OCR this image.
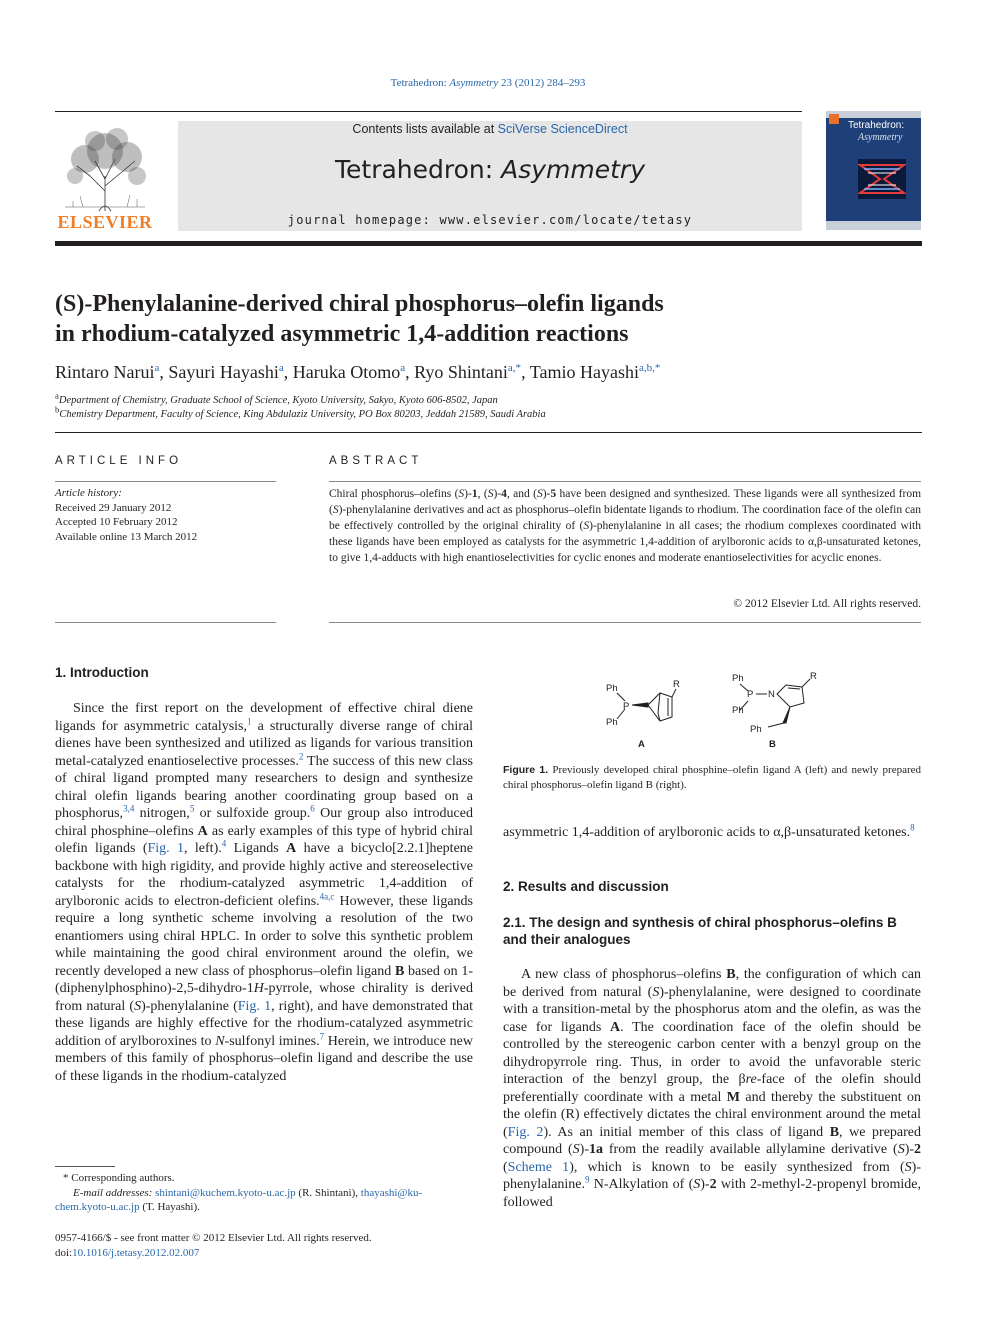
Tetrahedron: Asymmetry 23 (2012) 284–293
ELSEVIER
Contents lists available at SciVerse ScienceDirect
Tetrahedron: Asymmetry
journal homepage: www.elsevier.com/locate/tetasy
Tetrahedron:
Asymmetry
(S)-Phenylalanine-derived chiral phosphorus–olefin ligands
in rhodium-catalyzed asymmetric 1,4-addition reactions
Rintaro Narui$^a$, Sayuri Hayashi$^a$, Haruka Otomo$^a$, Ryo Shintani$^{a,*}$, Tamio Hayashi$^{a,b,*}$
$^a$Department of Chemistry, Graduate School of Science, Kyoto University, Sakyo, Kyoto 606-8502, Japan
$^b$Chemistry Department, Faculty of Science, King Abdulaziz University, PO Box 80203, Jeddah 21589, Saudi Arabia
ARTICLE INFO
Article history:
Received 29 January 2012
Accepted 10 February 2012
Available online 13 March 2012
ABSTRACT
Chiral phosphorus–olefins (S)-1, (S)-4, and (S)-5 have been designed and synthesized. These ligands were all synthesized from (S)-phenylalanine derivatives and act as phosphorus–olefin bidentate ligands to rhodium. The coordination face of the olefin can be effectively controlled by the original chirality of (S)-phenylalanine in all cases; the rhodium complexes coordinated with these ligands have been employed as catalysts for the asymmetric 1,4-addition of arylboronic acids to α,β-unsaturated ketones, to give 1,4-adducts with high enantioselectivities for cyclic enones and moderate enantioselectivities for acyclic enones.
© 2012 Elsevier Ltd. All rights reserved.
1. Introduction
Since the first report on the development of effective chiral diene ligands for asymmetric catalysis,$^1$ a structurally diverse range of chiral dienes have been synthesized and utilized as ligands for various transition metal-catalyzed enantioselective processes.$^2$ The success of this new class of chiral ligand prompted many researchers to design and synthesize chiral olefin ligands bearing another coordinating group based on a phosphorus,$^{3,4}$ nitrogen,$^5$ or sulfoxide group.$^6$ Our group also introduced chiral phosphine–olefins A as early examples of this type of hybrid chiral olefin ligands (Fig. 1, left).$^4$ Ligands A have a bicyclo[2.2.1]heptene backbone with high rigidity, and provide highly active and stereoselective catalysts for the rhodium-catalyzed asymmetric 1,4-addition of arylboronic acids to electron-deficient olefins.$^{4a,c}$ However, these ligands require a long synthetic scheme involving a resolution of the two enantiomers using chiral HPLC. In order to solve this synthetic problem while maintaining the good chiral environment around the olefin, we recently developed a new class of phosphorus–olefin ligand B based on 1-(diphenylphosphino)-2,5-dihydro-1H-pyrrole, whose chirality is derived from natural (S)-phenylalanine (Fig. 1, right), and have demonstrated that these ligands are highly effective for the rhodium-catalyzed asymmetric addition of arylboroxines to N-sulfonyl imines.$^7$ Herein, we introduce new members of this family of phosphorus–olefin ligand and describe the use of these ligands in the rhodium-catalyzed
* Corresponding authors.
E-mail addresses: shintani@kuchem.kyoto-u.ac.jp (R. Shintani), thayashi@ku-
chem.kyoto-u.ac.jp (T. Hayashi).
0957-4166/$ - see front matter © 2012 Elsevier Ltd. All rights reserved.
doi:10.1016/j.tetasy.2012.02.007
Ph
Ph
P
R
A
Ph
Ph
P N
R
Ph
B
Figure 1. Previously developed chiral phosphine–olefin ligand A (left) and newly prepared chiral phosphorus–olefin ligand B (right).
asymmetric 1,4-addition of arylboronic acids to α,β-unsaturated ketones.$^8$
2. Results and discussion
2.1. The design and synthesis of chiral phosphorus–olefins B
and their analogues
A new class of phosphorus–olefins B, the configuration of which can be derived from natural (S)-phenylalanine, were designed to coordinate with a transition-metal by the phosphorus atom and the olefin, as was the case for ligands A. The coordination face of the olefin should be controlled by the stereogenic carbon center with a benzyl group on the dihydropyrrole ring. Thus, in order to avoid the unfavorable steric interaction of the benzyl group, the βre-face of the olefin should preferentially coordinate with a metal M and thereby the substituent on the olefin (R) effectively dictates the chiral environment around the metal (Fig. 2). As an initial member of this class of ligand B, we prepared compound (S)-1a from the readily available allylamine derivative (S)-2 (Scheme 1), which is known to be easily synthesized from (S)-phenylalanine.$^9$ N-Alkylation of (S)-2 with 2-methyl-2-propenyl bromide, followed
